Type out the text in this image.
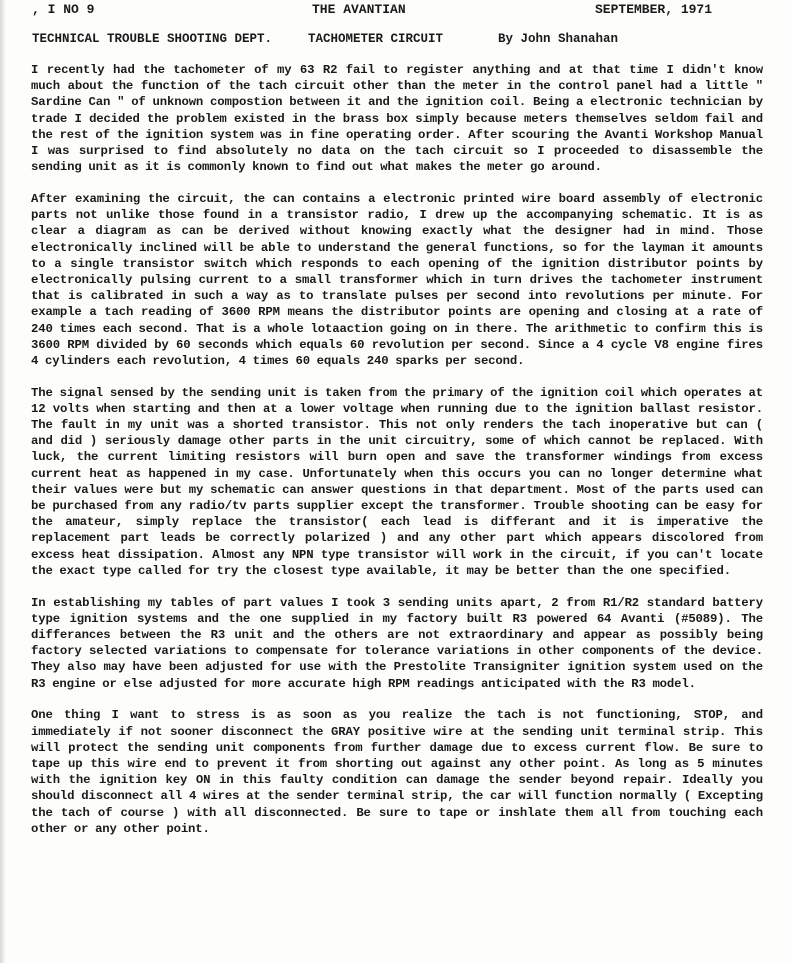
, I NO 9	THE AVANTIAN	SEPTEMBER, 1971
TECHNICAL TROUBLE SHOOTING DEPT.	TACHOMETER CIRCUIT	By John Shanahan

I recently had the tachometer of my 63 R2 fail to register anything and at that time I didn't know much about the function of the tach circuit other than the meter in the control panel had a little " Sardine Can " of unknown compostion between it and the ignition coil. Being a electronic technician by trade I decided the problem existed in the brass box simply because meters themselves seldom fail and the rest of the ignition system was in fine operating order. After scouring the Avanti Workshop Manual I was surprised to find absolutely no data on the tach circuit so I proceeded to disassemble the sending unit as it is commonly known to find out what makes the meter go around.

After examining the circuit, the can contains a electronic printed wire board assembly of electronic parts not unlike those found in a transistor radio, I drew up the accompanying schematic. It is as clear a diagram as can be derived without knowing exactly what the designer had in mind. Those electronically inclined will be able to understand the general functions, so for the layman it amounts to a single transistor switch which responds to each opening of the ignition distributor points by electronically pulsing current to a small transformer which in turn drives the tachometer instrument that is calibrated in such a way as to translate pulses per second into revolutions per minute. For example a tach reading of 3600 RPM means the distributor points are opening and closing at a rate of 240 times each second. That is a whole lotaaction going on in there. The arithmetic to confirm this is 3600 RPM divided by 60 seconds which equals 60 revolution per second. Since a 4 cycle V8 engine fires 4 cylinders each revolution, 4 times 60 equals 240 sparks per second.

The signal sensed by the sending unit is taken from the primary of the ignition coil which operates at 12 volts when starting and then at a lower voltage when running due to the ignition ballast resistor. The fault in my unit was a shorted transistor. This not only renders the tach inoperative but can ( and did ) seriously damage other parts in the unit circuitry, some of which cannot be replaced. With luck, the current limiting resistors will burn open and save the transformer windings from excess current heat as happened in my case. Unfortunately when this occurs you can no longer determine what their values were but my schematic can answer questions in that department. Most of the parts used can be purchased from any radio/tv parts supplier except the transformer. Trouble shooting can be easy for the amateur, simply replace the transistor( each lead is differant and it is imperative the replacement part leads be correctly polarized ) and any other part which appears discolored from excess heat dissipation. Almost any NPN type transistor will work in the circuit, if you can't locate the exact type called for try the closest type available, it may be better than the one specified.

In establishing my tables of part values I took 3 sending units apart, 2 from R1/R2 standard battery type ignition systems and the one supplied in my factory built R3 powered 64 Avanti (#5089). The differances between the R3 unit and the others are not extraordinary and appear as possibly being factory selected variations to compensate for tolerance variations in other components of the device. They also may have been adjusted for use with the Prestolite Transigniter ignition system used on the R3 engine or else adjusted for more accurate high RPM readings anticipated with the R3 model.

One thing I want to stress is as soon as you realize the tach is not functioning, STOP, and immediately if not sooner disconnect the GRAY positive wire at the sending unit terminal strip. This will protect the sending unit components from further damage due to excess current flow. Be sure to tape up this wire end to prevent it from shorting out against any other point. As long as 5 minutes with the ignition key ON in this faulty condition can damage the sender beyond repair. Ideally you should disconnect all 4 wires at the sender terminal strip, the car will function normally ( Excepting the tach of course ) with all disconnected. Be sure to tape or inshlate them all from touching each other or any other point.
